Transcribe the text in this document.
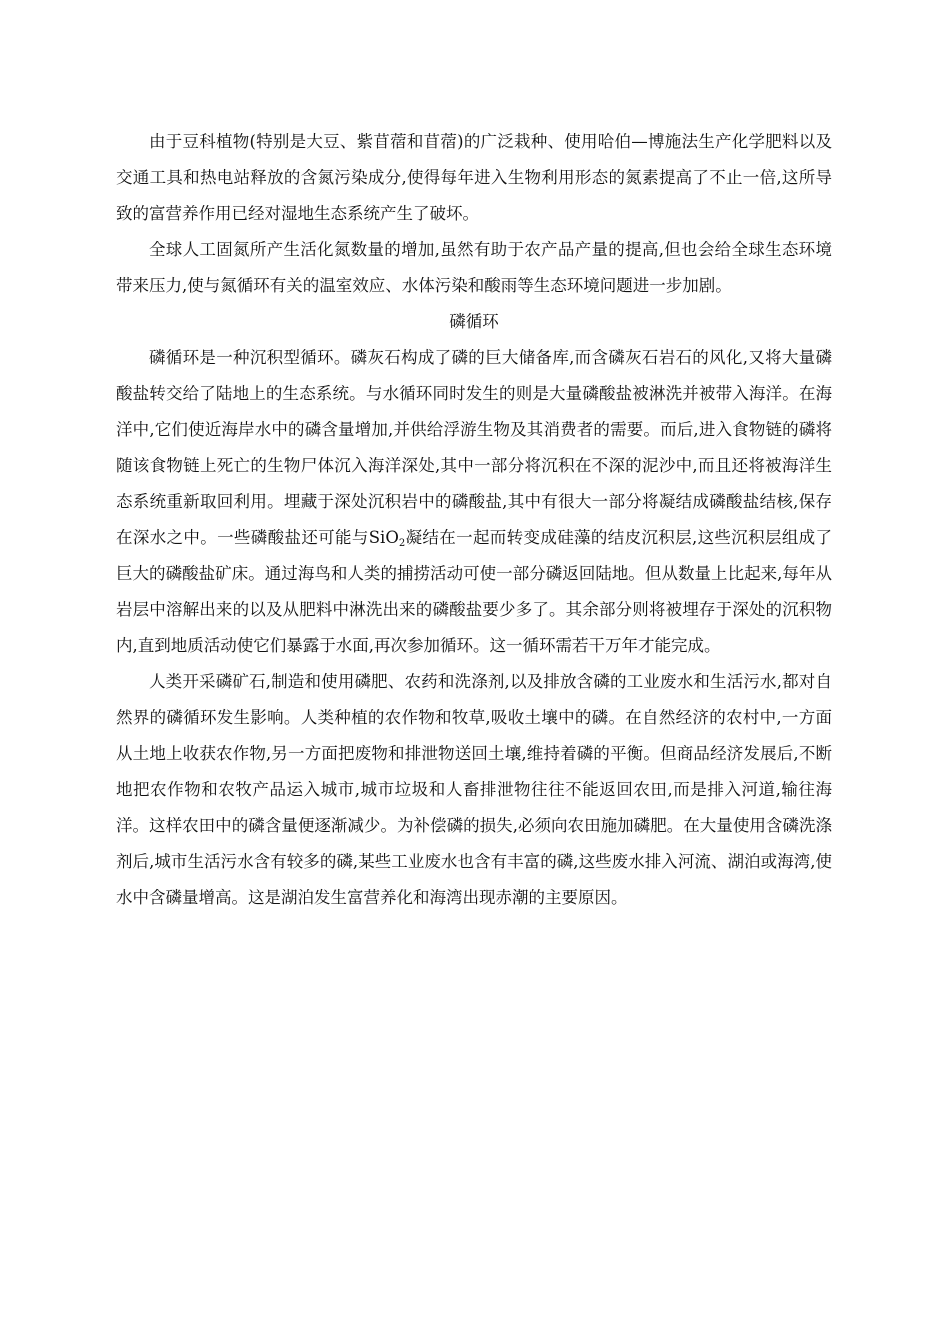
由于豆科植物(特别是大豆、紫苜蓿和苜蓿)的广泛栽种、使用哈伯—博施法生产化学肥料以及交通工具和热电站释放的含氮污染成分,使得每年进入生物利用形态的氮素提高了不止一倍,这所导致的富营养作用已经对湿地生态系统产生了破坏。

全球人工固氮所产生活化氮数量的增加,虽然有助于农产品产量的提高,但也会给全球生态环境带来压力,使与氮循环有关的温室效应、水体污染和酸雨等生态环境问题进一步加剧。

磷循环

磷循环是一种沉积型循环。磷灰石构成了磷的巨大储备库,而含磷灰石岩石的风化,又将大量磷酸盐转交给了陆地上的生态系统。与水循环同时发生的则是大量磷酸盐被淋洗并被带入海洋。在海洋中,它们使近海岸水中的磷含量增加,并供给浮游生物及其消费者的需要。而后,进入食物链的磷将随该食物链上死亡的生物尸体沉入海洋深处,其中一部分将沉积在不深的泥沙中,而且还将被海洋生态系统重新取回利用。埋藏于深处沉积岩中的磷酸盐,其中有很大一部分将凝结成磷酸盐结核,保存在深水之中。一些磷酸盐还可能与SiO$_2$凝结在一起而转变成硅藻的结皮沉积层,这些沉积层组成了巨大的磷酸盐矿床。通过海鸟和人类的捕捞活动可使一部分磷返回陆地。但从数量上比起来,每年从岩层中溶解出来的以及从肥料中淋洗出来的磷酸盐要少多了。其余部分则将被埋存于深处的沉积物内,直到地质活动使它们暴露于水面,再次参加循环。这一循环需若干万年才能完成。

人类开采磷矿石,制造和使用磷肥、农药和洗涤剂,以及排放含磷的工业废水和生活污水,都对自然界的磷循环发生影响。人类种植的农作物和牧草,吸收土壤中的磷。在自然经济的农村中,一方面从土地上收获农作物,另一方面把废物和排泄物送回土壤,维持着磷的平衡。但商品经济发展后,不断地把农作物和农牧产品运入城市,城市垃圾和人畜排泄物往往不能返回农田,而是排入河道,输往海洋。这样农田中的磷含量便逐渐减少。为补偿磷的损失,必须向农田施加磷肥。在大量使用含磷洗涤剂后,城市生活污水含有较多的磷,某些工业废水也含有丰富的磷,这些废水排入河流、湖泊或海湾,使水中含磷量增高。这是湖泊发生富营养化和海湾出现赤潮的主要原因。
